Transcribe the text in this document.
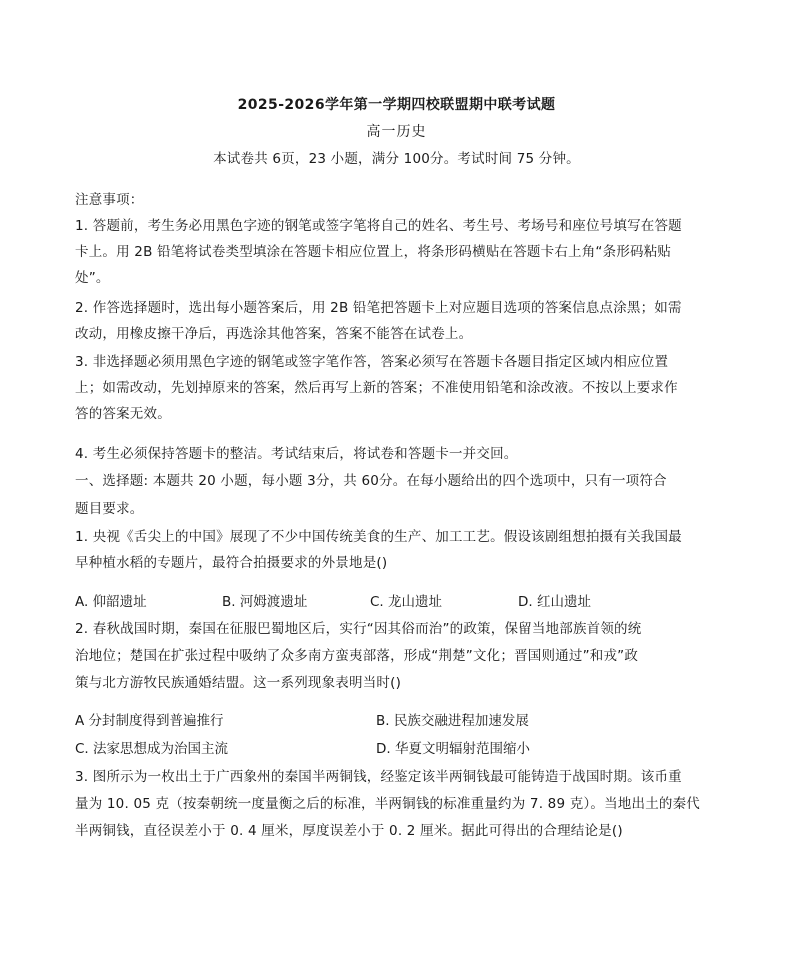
2025-2026学年第一学期四校联盟期中联考试题
高一历史
本试卷共 6页，23 小题，满分 100分。考试时间 75 分钟。
注意事项：
1. 答题前，考生务必用黑色字迹的钢笔或签字笔将自己的姓名、考生号、考场号和座位号填写在答题
卡上。用 2B 铅笔将试卷类型填涂在答题卡相应位置上，将条形码横贴在答题卡右上角“条形码粘贴
处”。
2. 作答选择题时，选出每小题答案后，用 2B 铅笔把答题卡上对应题目选项的答案信息点涂黑；如需
改动，用橡皮擦干净后，再选涂其他答案，答案不能答在试卷上。
3. 非选择题必须用黑色字迹的钢笔或签字笔作答，答案必须写在答题卡各题目指定区域内相应位置
上；如需改动，先划掉原来的答案，然后再写上新的答案；不准使用铅笔和涂改液。不按以上要求作
答的答案无效。
4. 考生必须保持答题卡的整洁。考试结束后，将试卷和答题卡一并交回。
一、选择题: 本题共 20 小题，每小题 3分，共 60分。在每小题给出的四个选项中，只有一项符合
题目要求。
1. 央视《舌尖上的中国》展现了不少中国传统美食的生产、加工工艺。假设该剧组想拍摄有关我国最
早种植水稻的专题片，最符合拍摄要求的外景地是()
A. 仰韶遗址	B. 河姆渡遗址	C. 龙山遗址	D. 红山遗址
2. 春秋战国时期，秦国在征服巴蜀地区后，实行“因其俗而治”的政策，保留当地部族首领的统
治地位；楚国在扩张过程中吸纳了众多南方蛮夷部落，形成“荆楚”文化；晋国则通过”和戎”政
策与北方游牧民族通婚结盟。这一系列现象表明当时()
A 分封制度得到普遍推行	B. 民族交融进程加速发展
C. 法家思想成为治国主流	D. 华夏文明辐射范围缩小
3. 图所示为一枚出土于广西象州的秦国半两铜钱，经鉴定该半两铜钱最可能铸造于战国时期。该币重
量为 10. 05 克（按秦朝统一度量衡之后的标准，半两铜钱的标准重量约为 7. 89 克）。当地出土的秦代
半两铜钱，直径误差小于 0. 4 厘米，厚度误差小于 0. 2 厘米。据此可得出的合理结论是()
